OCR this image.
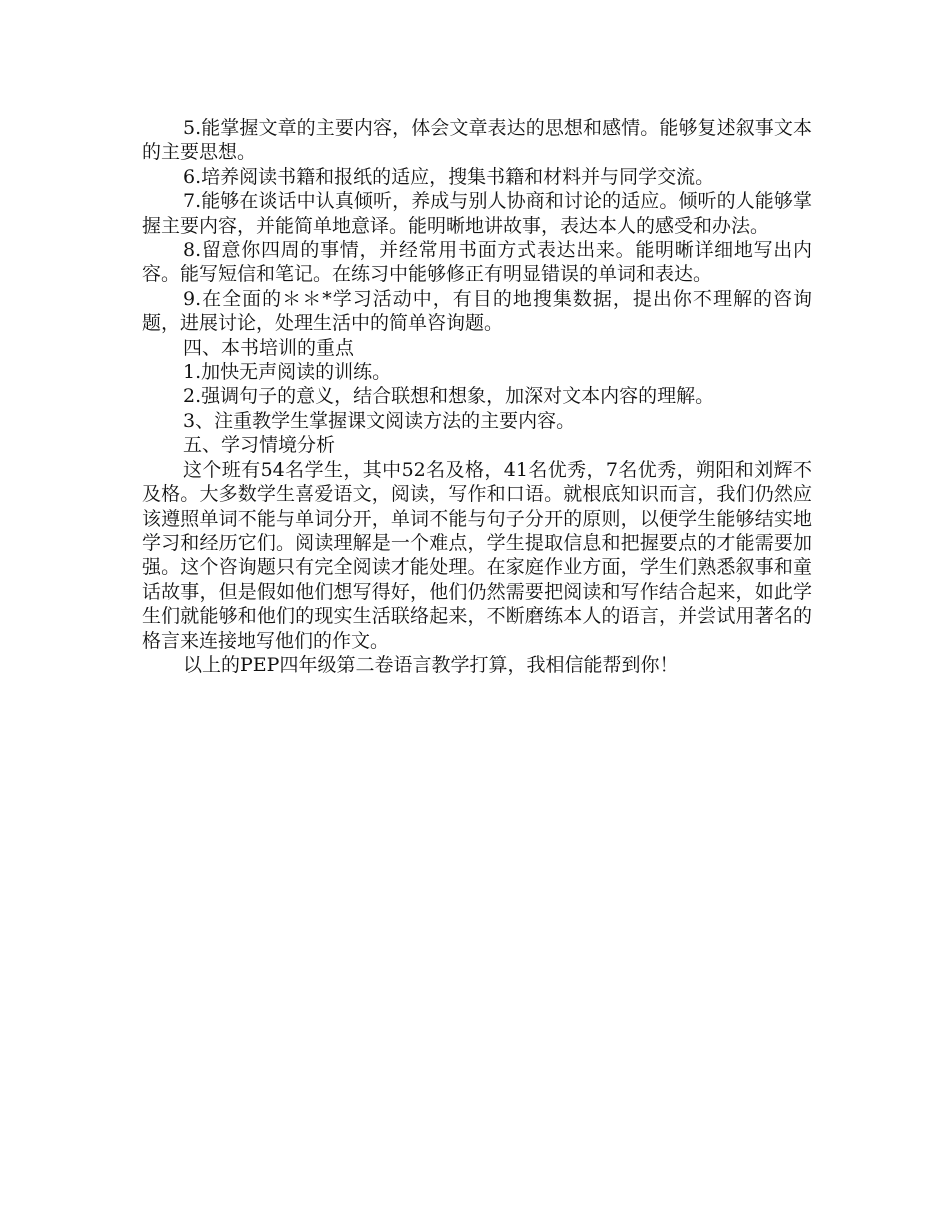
5.能掌握文章的主要内容，体会文章表达的思想和感情。能够复述叙事文本的主要思想。

6.培养阅读书籍和报纸的适应，搜集书籍和材料并与同学交流。

7.能够在谈话中认真倾听，养成与别人协商和讨论的适应。倾听的人能够掌握主要内容，并能简单地意译。能明晰地讲故事，表达本人的感受和办法。

8.留意你四周的事情，并经常用书面方式表达出来。能明晰详细地写出内容。能写短信和笔记。在练习中能够修正有明显错误的单词和表达。

9.在全面的＊＊*学习活动中，有目的地搜集数据，提出你不理解的咨询题，进展讨论，处理生活中的简单咨询题。

四、本书培训的重点

1.加快无声阅读的训练。

2.强调句子的意义，结合联想和想象，加深对文本内容的理解。

3、注重教学生掌握课文阅读方法的主要内容。

五、学习情境分析

这个班有54名学生，其中52名及格，41名优秀，7名优秀，朔阳和刘辉不及格。大多数学生喜爱语文，阅读，写作和口语。就根底知识而言，我们仍然应该遵照单词不能与单词分开，单词不能与句子分开的原则，以便学生能够结实地学习和经历它们。阅读理解是一个难点，学生提取信息和把握要点的才能需要加强。这个咨询题只有完全阅读才能处理。在家庭作业方面，学生们熟悉叙事和童话故事，但是假如他们想写得好，他们仍然需要把阅读和写作结合起来，如此学生们就能够和他们的现实生活联络起来，不断磨练本人的语言，并尝试用著名的格言来连接地写他们的作文。

以上的PEP四年级第二卷语言教学打算，我相信能帮到你！
